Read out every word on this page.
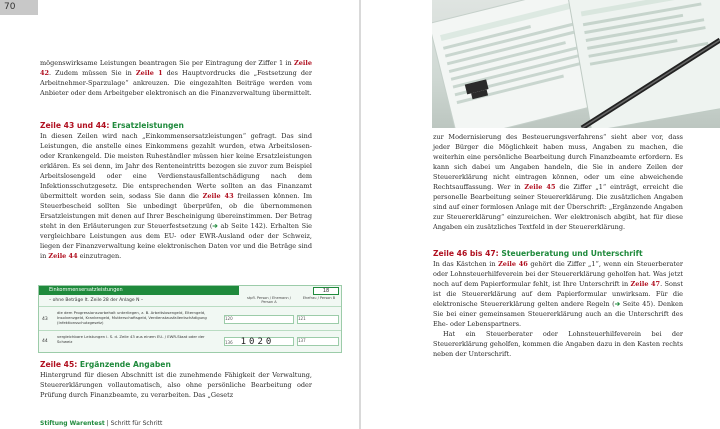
70

mögenswirksame Leistungen beantragen Sie per Eintragung der Ziffer 1 in Zeile 42. Zudem müssen Sie in Zeile 1 des Hauptvordrucks die „Festsetzung der Arbeitnehmer-Sparzulage“ ankreuzen. Die eingezahlten Beiträge werden vom Anbieter oder dem Arbeitgeber elektronisch an die Finanzverwaltung übermittelt.

Zeile 43 und 44: Ersatzleistungen

In diesen Zeilen wird nach „Einkommensersatzleistungen“ gefragt. Das sind Leistungen, die anstelle eines Einkommens gezahlt wurden, etwa Arbeitslosen- oder Krankengeld. Die meisten Ruheständler müssen hier keine Ersatzleistungen erklären. Es sei denn, im Jahr des Renteneintritts bezogen sie zuvor zum Beispiel Arbeitslosengeld oder eine Verdienstausfallentschädigung nach dem Infektionsschutzgesetz. Die entsprechenden Werte sollten an das Finanzamt übermittelt worden sein, sodass Sie dann die Zeile 43 freilassen können. Im Steuerbescheid sollten Sie unbedingt überprüfen, ob die übernommenen Ersatzleistungen mit denen auf Ihrer Bescheinigung übereinstimmen. Der Betrag steht in den Erläuterungen zur Steuerfestsetzung (➔ ab Seite 142). Erhalten Sie vergleichbare Leistungen aus dem EU- oder EWR-Ausland oder der Schweiz, liegen der Finanzverwaltung keine elektronischen Daten vor und die Beträge sind in Zeile 44 einzutragen.

Einkommensersatzleistungen	18
– ohne Beträge lt. Zeile 28 der Anlage N –	stpfl. Person / Ehemann / Person A
Ehefrau / Person B
43
die dem Progressionsvorbehalt unterliegen, z. B. Arbeitslosengeld, Elterngeld, Insolvenzgeld, Krankengeld, Mutterschaftsgeld, Verdienstausfallentschädigung (Infektionsschutzgesetz)
120	121
44
vergleichbare Leistungen i. S. d. Zeile 43 aus einem EU- / EWR-Staat oder der Schweiz	136 1020	137
Zeile 45: Ergänzende Angaben

Hintergrund für diesen Abschnitt ist die zunehmende Fähigkeit der Verwaltung, Steuererklärungen vollautomatisch, also ohne persönliche Bearbeitung oder Prüfung durch Finanzbeamte, zu verarbeiten. Das „Gesetz

Stiftung Warentest | Schritt für Schritt

zur Modernisierung des Besteuerungsverfahrens“ sieht aber vor, dass jeder Bürger die Möglichkeit haben muss, Angaben zu machen, die weiterhin eine persönliche Bearbeitung durch Finanzbeamte erfordern. Es kann sich dabei um Angaben handeln, die Sie in andere Zeilen der Steuererklärung nicht eintragen können, oder um eine abweichende Rechtsauffassung. Wer in Zeile 45 die Ziffer „1“ einträgt, erreicht die personelle Bearbeitung seiner Steuererklärung. Die zusätzlichen Angaben sind auf einer formlosen Anlage mit der Überschrift: „Ergänzende Angaben zur Steuererklärung“ einzureichen. Wer elektronisch abgibt, hat für diese Angaben ein zusätzliches Textfeld in der Steuererklärung.

Zeile 46 bis 47: Steuerberatung und Unterschrift

In das Kästchen in Zeile 46 gehört die Ziffer „1“, wenn ein Steuerberater oder Lohnsteuerhilfeverein bei der Steuererklärung geholfen hat. Was jetzt noch auf dem Papierformular fehlt, ist Ihre Unterschrift in Zeile 47. Sonst ist die Steuererklärung auf dem Papierformular unwirksam. Für die elektronische Steuererklärung gelten andere Regeln (➔ Seite 45). Denken Sie bei einer gemeinsamen Steuererklärung auch an die Unterschrift des Ehe- oder Lebenspartners.

Hat ein Steuerberater oder Lohnsteuerhilfeverein bei der Steuererklärung geholfen, kommen die Angaben dazu in den Kasten rechts neben der Unterschrift.
